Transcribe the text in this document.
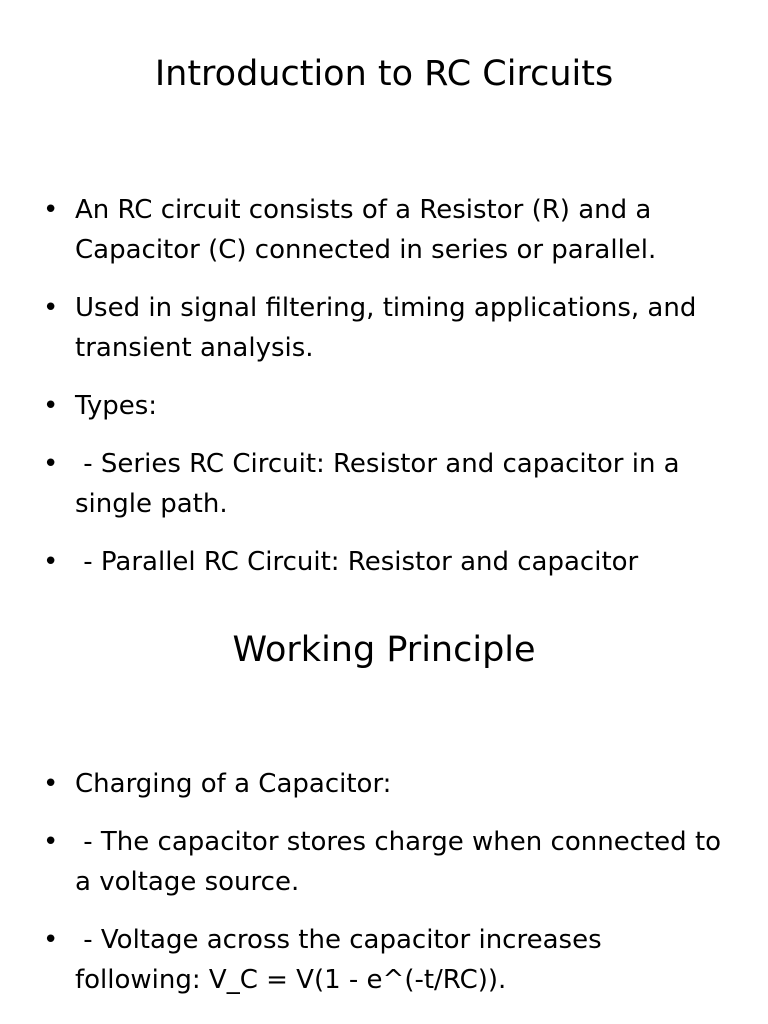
Introduction to RC Circuits
• An RC circuit consists of a Resistor (R) and a Capacitor (C) connected in series or parallel.
• Used in signal filtering, timing applications, and transient analysis.
• Types:
• - Series RC Circuit: Resistor and capacitor in a single path.
• - Parallel RC Circuit: Resistor and capacitor
Working Principle
• Charging of a Capacitor:
• - The capacitor stores charge when connected to a voltage source.
• - Voltage across the capacitor increases following: V_C = V(1 - e^(-t/RC)).
